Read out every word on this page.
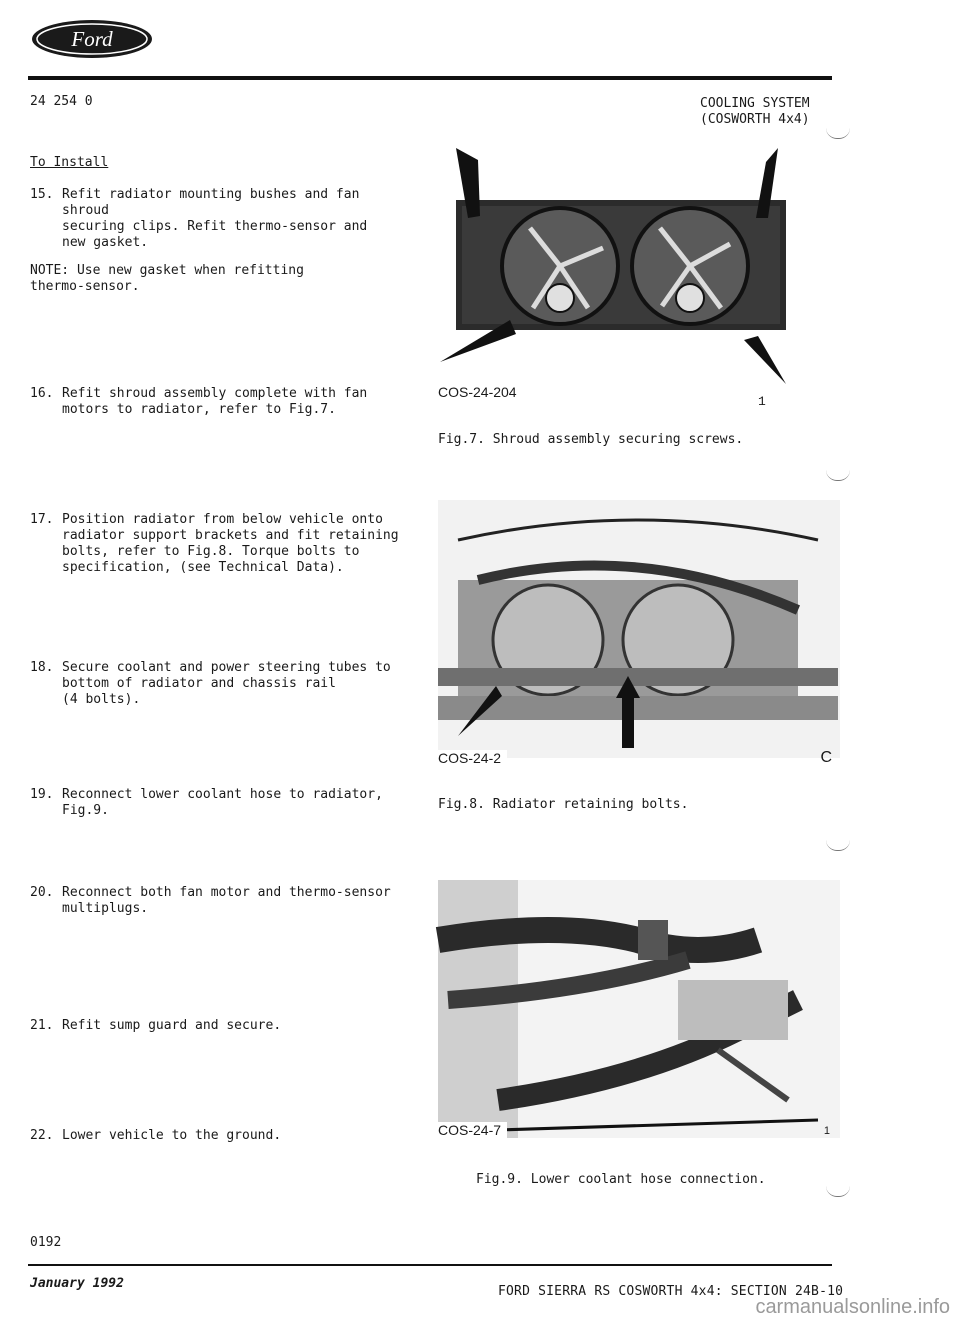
Ford
24 254 0	COOLING SYSTEM
(COSWORTH 4x4)
To Install
15. Refit radiator mounting bushes and fan shroud
securing clips. Refit thermo-sensor and
new gasket.
NOTE: Use new gasket when refitting
thermo-sensor.
16. Refit shroud assembly complete with fan
motors to radiator, refer to Fig.7.
17. Position radiator from below vehicle onto
radiator support brackets and fit retaining
bolts, refer to Fig.8. Torque bolts to
specification, (see Technical Data).
18. Secure coolant and power steering tubes to
bottom of radiator and chassis rail
(4 bolts).
19. Reconnect lower coolant hose to radiator,
Fig.9.
20. Reconnect both fan motor and thermo-sensor
multiplugs.
21. Refit sump guard and secure.
22. Lower vehicle to the ground.
1
COS-24-204
Fig.7. Shroud assembly securing screws.
C
COS-24-2
Fig.8. Radiator retaining bolts.
1
COS-24-7
Fig.9. Lower coolant hose connection.
0192
January 1992
FORD SIERRA RS COSWORTH 4x4: SECTION 24B-10
carmanualsonline.info
